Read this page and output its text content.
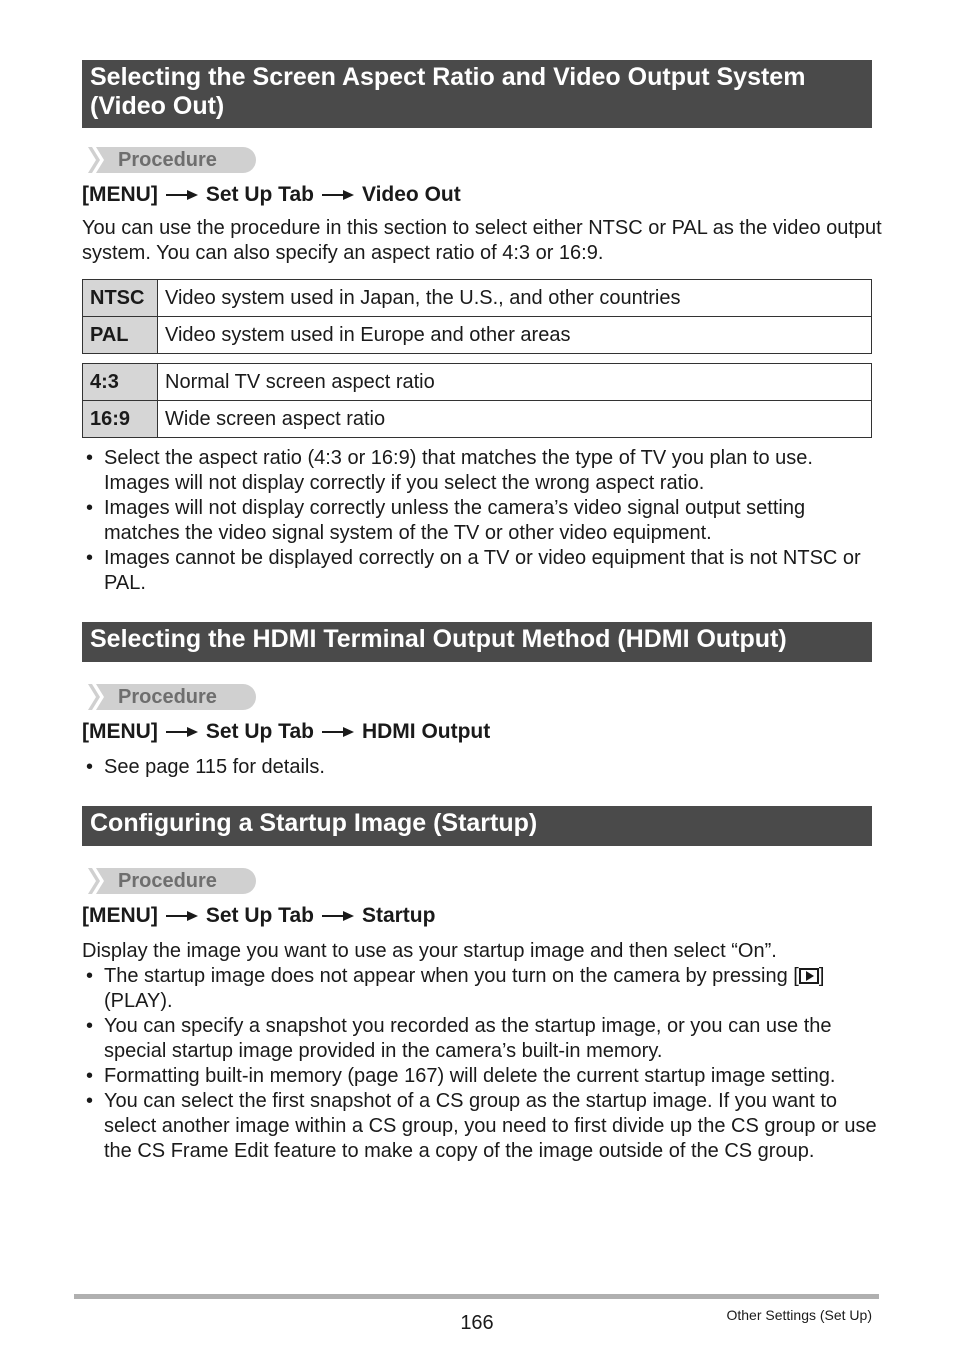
Selecting the Screen Aspect Ratio and Video Output System (Video Out)
Procedure
[MENU] Set Up Tab Video Out

You can use the procedure in this section to select either NTSC or PAL as the video output system. You can also specify an aspect ratio of 4:3 or 16:9.

NTSC	Video system used in Japan, the U.S., and other countries
PAL	Video system used in Europe and other areas
4:3	Normal TV screen aspect ratio
16:9	Wide screen aspect ratio
• Select the aspect ratio (4:3 or 16:9) that matches the type of TV you plan to use. Images will not display correctly if you select the wrong aspect ratio.
• Images will not display correctly unless the camera’s video signal output setting matches the video signal system of the TV or other video equipment.
• Images cannot be displayed correctly on a TV or video equipment that is not NTSC or PAL.
Selecting the HDMI Terminal Output Method (HDMI Output)
Procedure
[MENU] Set Up Tab HDMI Output
• See page 115 for details.
Configuring a Startup Image (Startup)
Procedure
[MENU] Set Up Tab Startup

Display the image you want to use as your startup image and then select “On”.

• The startup image does not appear when you turn on the camera by pressing [ ] (PLAY).
• You can specify a snapshot you recorded as the startup image, or you can use the special startup image provided in the camera’s built-in memory.
• Formatting built-in memory (page 167) will delete the current startup image setting.
• You can select the first snapshot of a CS group as the startup image. If you want to select another image within a CS group, you need to first divide up the CS group or use the CS Frame Edit feature to make a copy of the image outside of the CS group.
166	Other Settings (Set Up)
